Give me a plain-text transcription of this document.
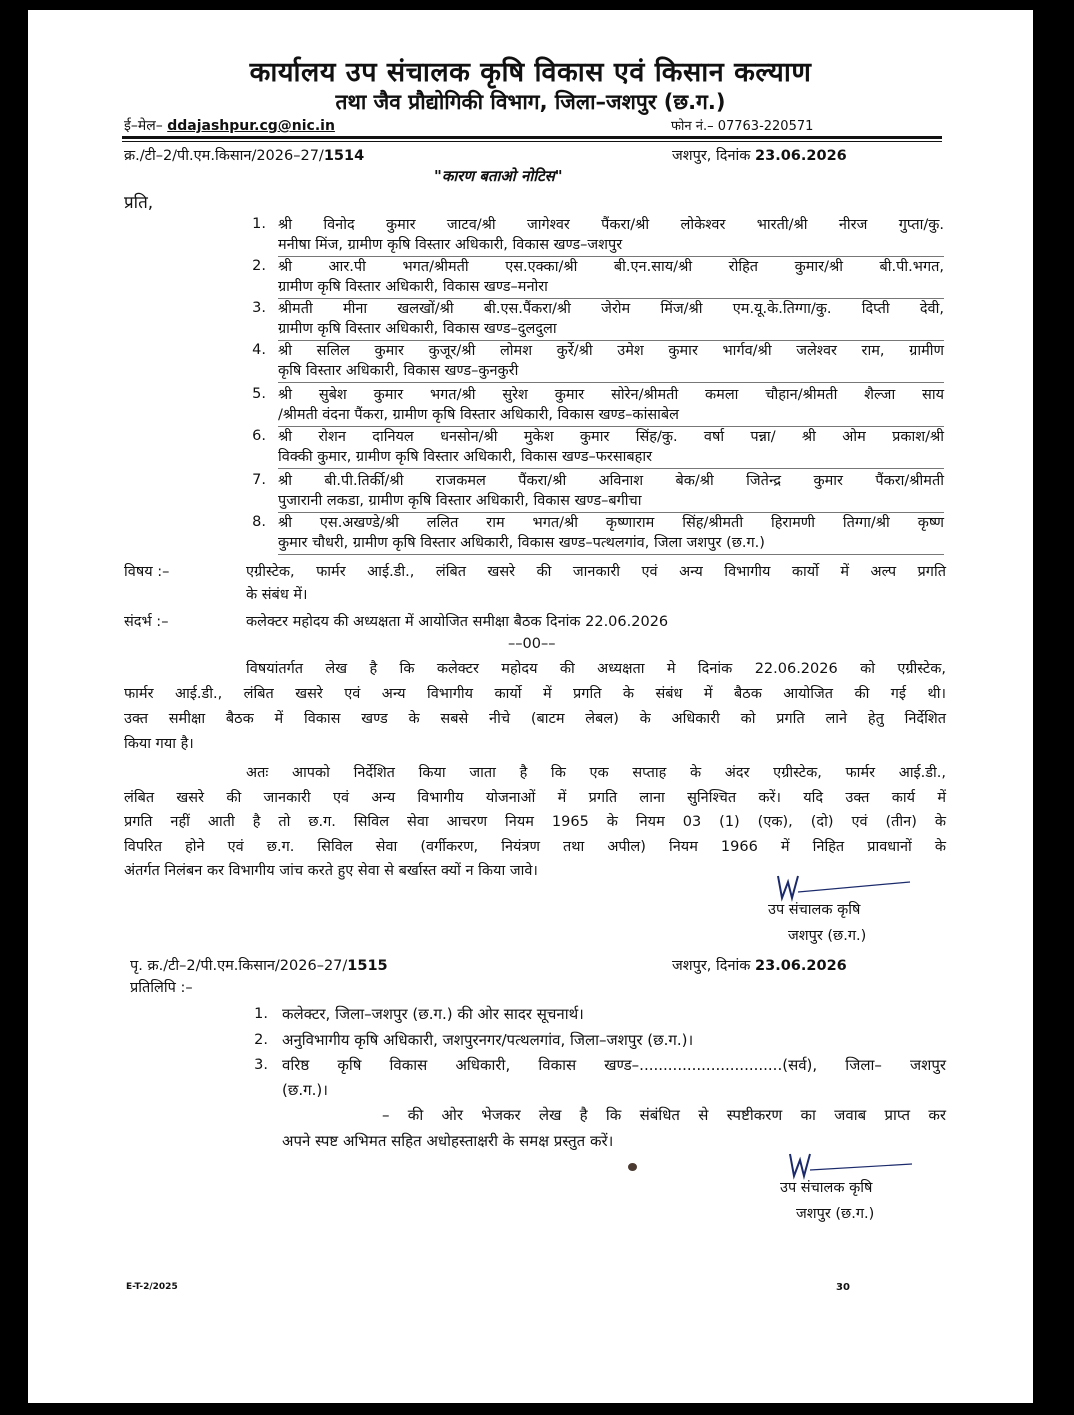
कार्यालय उप संचालक कृषि विकास एवं किसान कल्याण
तथा जैव प्रौद्योगिकी विभाग, जिला–जशपुर (छ.ग.)
ई–मेल– ddajashpur.cg@nic.in	फोन नं.– 07763-220571
क्र./टी–2/पी.एम.किसान/2026–27/1514	जशपुर, दिनांक 23.06.2026
"कारण बताओ नोटिस"
प्रति,
1. श्री विनोद कुमार जाटव/श्री जागेश्वर पैंकरा/श्री लोकेश्वर भारती/श्री नीरज गुप्ता/कु.
मनीषा मिंज, ग्रामीण कृषि विस्तार अधिकारी, विकास खण्ड–जशपुर
2. श्री आर.पी भगत/श्रीमती एस.एक्का/श्री बी.एन.साय/श्री रोहित कुमार/श्री बी.पी.भगत,
ग्रामीण कृषि विस्तार अधिकारी, विकास खण्ड–मनोरा
3. श्रीमती मीना खलखों/श्री बी.एस.पैंकरा/श्री जेरोम मिंज/श्री एम.यू.के.तिग्गा/कु. दिप्ती देवी,
ग्रामीण कृषि विस्तार अधिकारी, विकास खण्ड–दुलदुला
4. श्री सलिल कुमार कुजूर/श्री लोमश कुर्रे/श्री उमेश कुमार भार्गव/श्री जलेश्वर राम, ग्रामीण
कृषि विस्तार अधिकारी, विकास खण्ड–कुनकुरी
5. श्री सुबेश कुमार भगत/श्री सुरेश कुमार सोरेन/श्रीमती कमला चौहान/श्रीमती शैल्जा साय
/श्रीमती वंदना पैंकरा, ग्रामीण कृषि विस्तार अधिकारी, विकास खण्ड–कांसाबेल
6. श्री रोशन दानियल धनसोन/श्री मुकेश कुमार सिंह/कु. वर्षा पन्ना/ श्री ओम प्रकाश/श्री
विक्की कुमार, ग्रामीण कृषि विस्तार अधिकारी, विकास खण्ड–फरसाबहार
7. श्री बी.पी.तिर्की/श्री राजकमल पैंकरा/श्री अविनाश बेक/श्री जितेन्द्र कुमार पैंकरा/श्रीमती
पुजारानी लकडा, ग्रामीण कृषि विस्तार अधिकारी, विकास खण्ड–बगीचा
8. श्री एस.अखण्डे/श्री ललित राम भगत/श्री कृष्णाराम सिंह/श्रीमती हिरामणी तिग्गा/श्री कृष्ण
कुमार चौधरी, ग्रामीण कृषि विस्तार अधिकारी, विकास खण्ड–पत्थलगांव, जिला जशपुर (छ.ग.)
विषय :–	एग्रीस्टेक, फार्मर आई.डी., लंबित खसरे की जानकारी एवं अन्य विभागीय कार्यो में अल्प प्रगति
के संबंध में।
संदर्भ :–	कलेक्टर महोदय की अध्यक्षता में आयोजित समीक्षा बैठक दिनांक 22.06.2026
––00––
विषयांतर्गत लेख है कि कलेक्टर महोदय की अध्यक्षता मे दिनांक 22.06.2026 को एग्रीस्टेक,
फार्मर आई.डी., लंबित खसरे एवं अन्य विभागीय कार्यो में प्रगति के संबंध में बैठक आयोजित की गई थी।
उक्त समीक्षा बैठक में विकास खण्ड के सबसे नीचे (बाटम लेबल) के अधिकारी को प्रगति लाने हेतु निर्देशित
किया गया है।
अतः आपको निर्देशित किया जाता है कि एक सप्ताह के अंदर एग्रीस्टेक, फार्मर आई.डी.,
लंबित खसरे की जानकारी एवं अन्य विभागीय योजनाओं में प्रगति लाना सुनिश्चित करें। यदि उक्त कार्य में
प्रगति नहीं आती है तो छ.ग. सिविल सेवा आचरण नियम 1965 के नियम 03 (1) (एक), (दो) एवं (तीन) के
विपरित होने एवं छ.ग. सिविल सेवा (वर्गीकरण, नियंत्रण तथा अपील) नियम 1966 में निहित प्रावधानों के
अंतर्गत निलंबन कर विभागीय जांच करते हुए सेवा से बर्खास्त क्यों न किया जावे।
उप संचालक कृषि
जशपुर (छ.ग.)
पृ. क्र./टी–2/पी.एम.किसान/2026–27/1515	जशपुर, दिनांक 23.06.2026
प्रतिलिपि :–
1. कलेक्टर, जिला–जशपुर (छ.ग.) की ओर सादर सूचनार्थ।
2. अनुविभागीय कृषि अधिकारी, जशपुरनगर/पत्थलगांव, जिला–जशपुर (छ.ग.)।
3. वरिष्ठ कृषि विकास अधिकारी, विकास खण्ड–..............................(सर्व), जिला– जशपुर
(छ.ग.)।
– की ओर भेजकर लेख है कि संबंधित से स्पष्टीकरण का जवाब प्राप्त कर
अपने स्पष्ट अभिमत सहित अधोहस्ताक्षरी के समक्ष प्रस्तुत करें।
उप संचालक कृषि
जशपुर (छ.ग.)
E-T-2/2025	30
